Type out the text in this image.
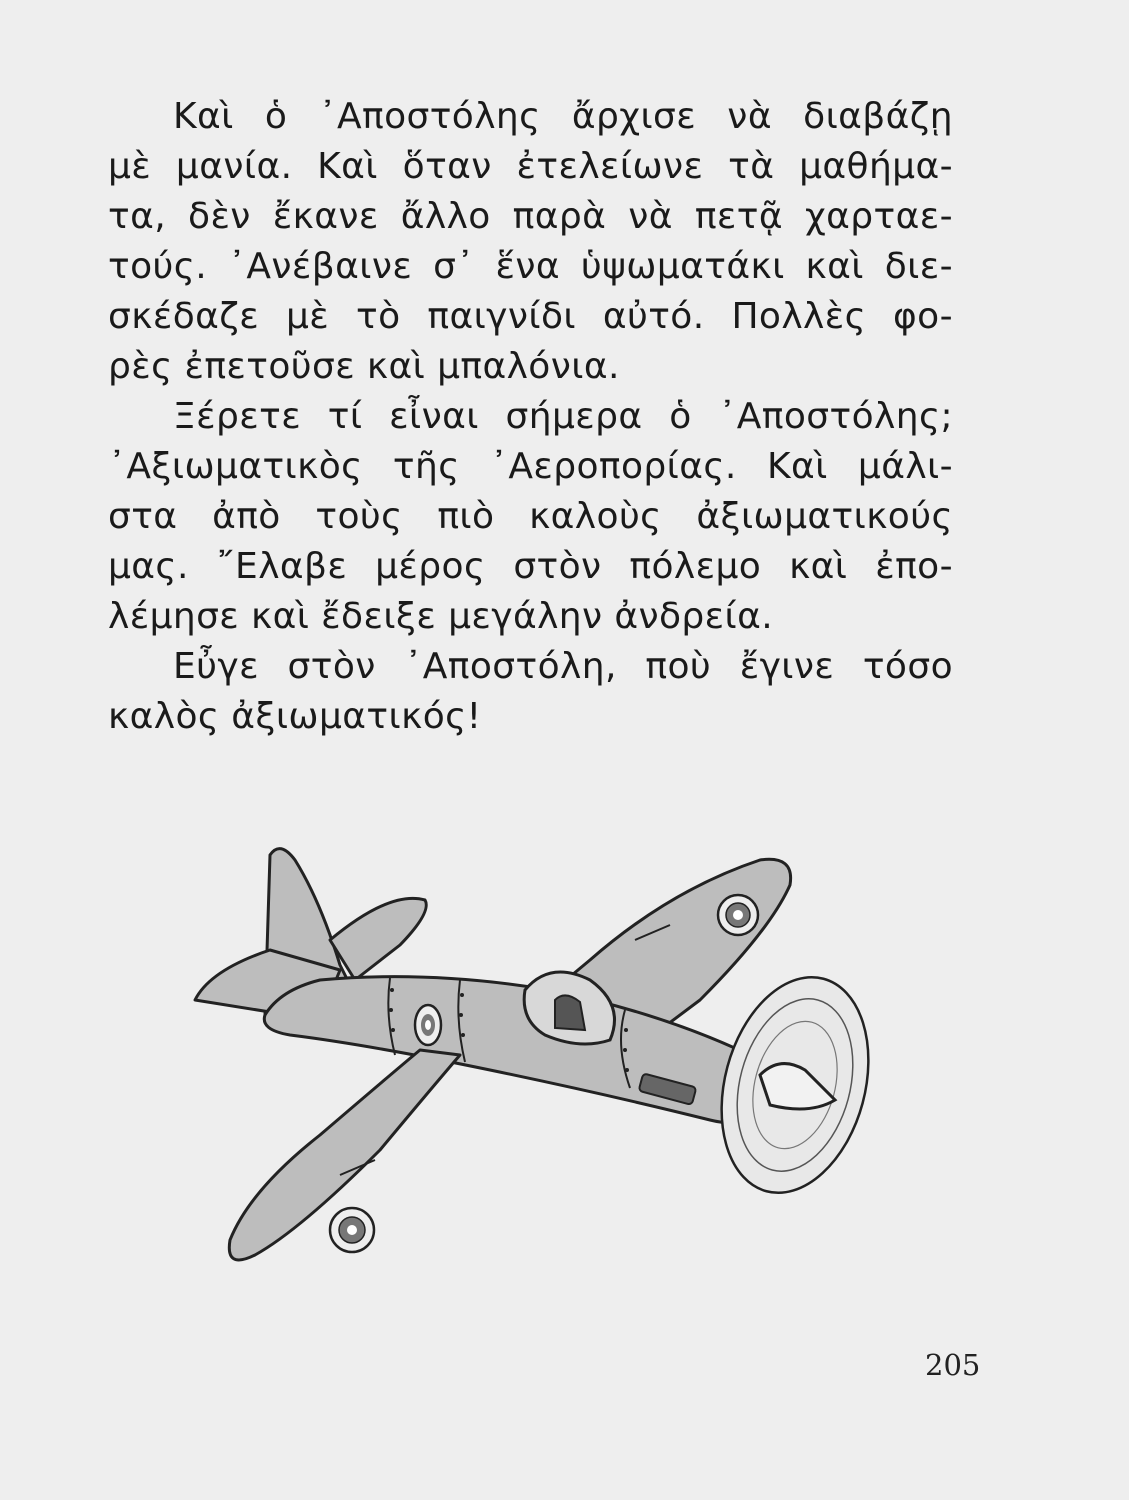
Καὶ ὁ ᾽Αποστόλης ἄρχισε νὰ διαβάζῃ
μὲ μανία. Καὶ ὅταν ἐτελείωνε τὰ μαθήμα-
τα, δὲν ἔκανε ἄλλο παρὰ νὰ πετᾷ χαρταε-
τούς. ᾽Ανέβαινε σ᾽ ἕνα ὑψωματάκι καὶ διε-
σκέδαζε μὲ τὸ παιγνίδι αὐτό. Πολλὲς φο-
ρὲς ἐπετοῦσε καὶ μπαλόνια.
Ξέρετε τί εἶναι σήμερα ὁ ᾽Αποστόλης;
᾽Αξιωματικὸς τῆς ᾽Αεροπορίας. Καὶ μάλι-
στα ἀπὸ τοὺς πιὸ καλοὺς ἀξιωματικούς
μας. ῎Ελαβε μέρος στὸν πόλεμο καὶ ἐπο-
λέμησε καὶ ἔδειξε μεγάλην ἀνδρεία.
Εὖγε στὸν ᾽Αποστόλη, ποὺ ἔγινε τόσο
καλὸς ἀξιωματικός!
205
